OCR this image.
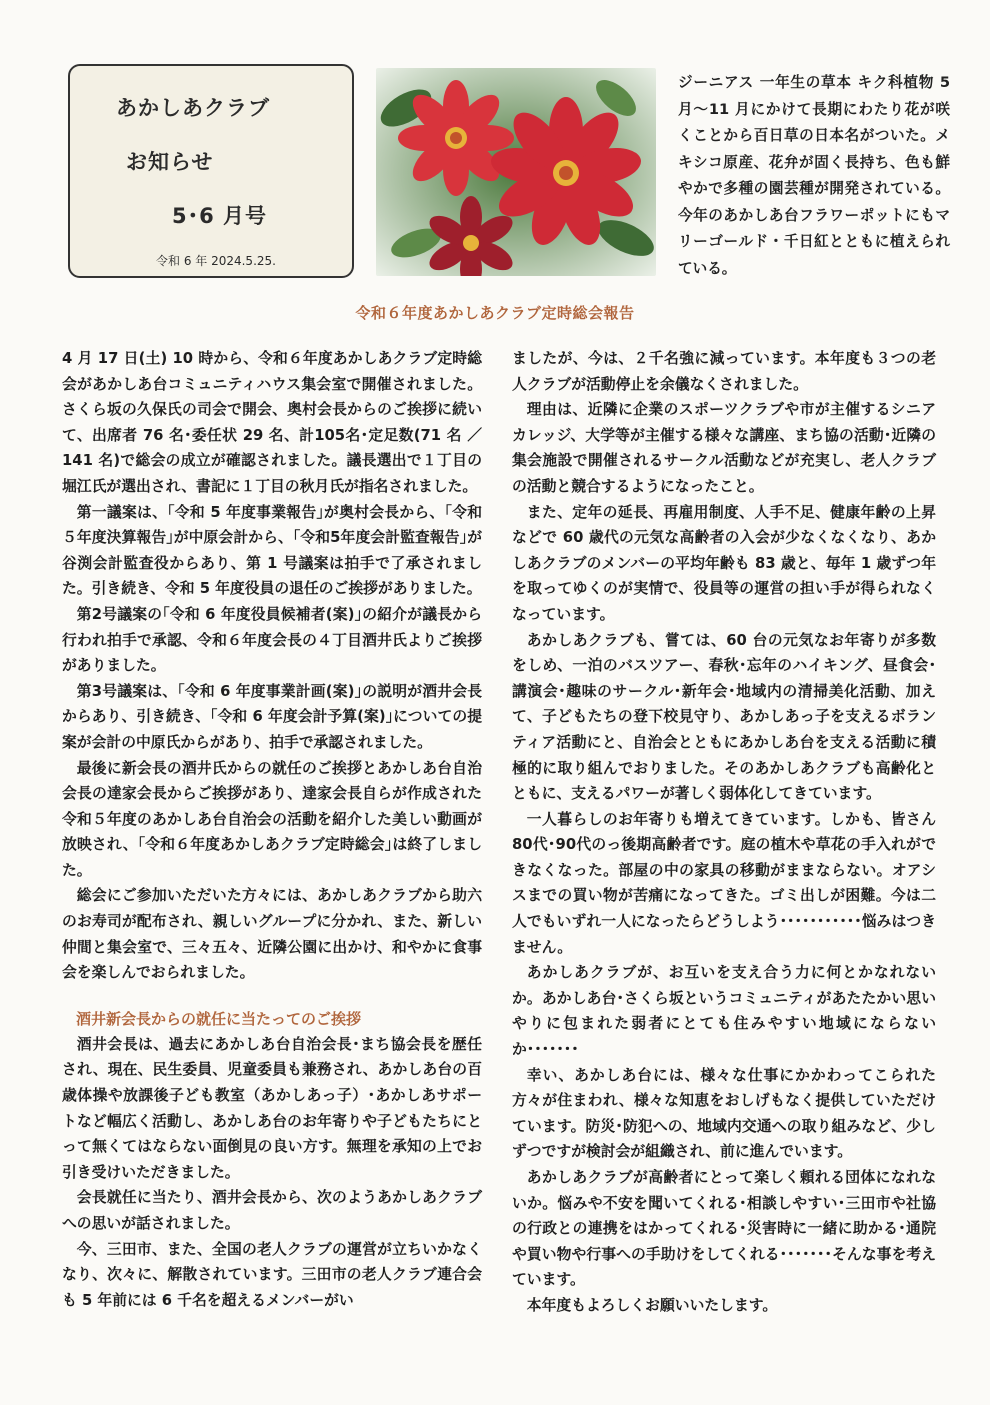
あかしあクラブ
お知らせ
5･6 月号
令和 6 年 2024.5.25.
ジーニアス 一年生の草本 キク科植物 5 月～11 月にかけて長期にわたり花が咲くことから百日草の日本名がついた。メキシコ原産、花弁が固く長持ち、色も鮮やかで多種の園芸種が開発されている。今年のあかしあ台フラワーポットにもマリーゴールド・千日紅とともに植えられている。
令和６年度あかしあクラブ定時総会報告

4 月 17 日(土) 10 時から、令和６年度あかしあクラブ定時総会があかしあ台コミュニティハウス集会室で開催されました。さくら坂の久保氏の司会で開会、奥村会長からのご挨拶に続いて、出席者 76 名･委任状 29 名、計105名･定足数(71 名 ／141 名)で総会の成立が確認されました。議長選出で１丁目の堀江氏が選出され、書記に１丁目の秋月氏が指名されました。

第一議案は、｢令和 5 年度事業報告｣が奥村会長から、｢令和５年度決算報告｣が中原会計から、｢令和5年度会計監査報告｣が谷渕会計監査役からあり、第 1 号議案は拍手で了承されました。引き続き、令和 5 年度役員の退任のご挨拶がありました。

第2号議案の｢令和 6 年度役員候補者(案)｣の紹介が議長から行われ拍手で承認、令和６年度会長の４丁目酒井氏よりご挨拶がありました。

第3号議案は、｢令和 6 年度事業計画(案)｣の説明が酒井会長からあり、引き続き、｢令和 6 年度会計予算(案)｣についての提案が会計の中原氏からがあり、拍手で承認されました。

最後に新会長の酒井氏からの就任のご挨拶とあかしあ台自治会長の達家会長からご挨拶があり、達家会長自らが作成された令和５年度のあかしあ台自治会の活動を紹介した美しい動画が放映され、｢令和６年度あかしあクラブ定時総会｣は終了しました。

総会にご参加いただいた方々には、あかしあクラブから助六のお寿司が配布され、親しいグループに分かれ、また、新しい仲間と集会室で、三々五々、近隣公園に出かけ、和やかに食事会を楽しんでおられました。

酒井新会長からの就任に当たってのご挨拶

酒井会長は、過去にあかしあ台自治会長･まち協会長を歴任され、現在、民生委員、児童委員も兼務され、あかしあ台の百歳体操や放課後子ども教室（あかしあっ子）･あかしあサポートなど幅広く活動し、あかしあ台のお年寄りや子どもたちにとって無くてはならない面倒見の良い方す。無理を承知の上でお引き受けいただきました。

会長就任に当たり、酒井会長から、次のようあかしあクラブへの思いが話されました。

今、三田市、また、全国の老人クラブの運営が立ちいかなくなり、次々に、解散されています。三田市の老人クラブ連合会も 5 年前には 6 千名を超えるメンバーがい

ましたが、今は、２千名強に減っています。本年度も３つの老人クラブが活動停止を余儀なくされました。

理由は、近隣に企業のスポーツクラブや市が主催するシニアカレッジ、大学等が主催する様々な講座、まち協の活動･近隣の集会施設で開催されるサークル活動などが充実し、老人クラブの活動と競合するようになったこと。

また、定年の延長、再雇用制度、人手不足、健康年齢の上昇などで 60 歳代の元気な高齢者の入会が少なくなくなり、あかしあクラブのメンバーの平均年齢も 83 歳と、毎年 1 歳ずつ年を取ってゆくのが実情で、役員等の運営の担い手が得られなくなっています。

あかしあクラブも、嘗ては、60 台の元気なお年寄りが多数をしめ、一泊のバスツアー、春秋･忘年のハイキング、昼食会･講演会･趣味のサークル･新年会･地域内の清掃美化活動、加えて、子どもたちの登下校見守り、あかしあっ子を支えるボランティア活動にと、自治会とともにあかしあ台を支える活動に積極的に取り組んでおりました。そのあかしあクラブも高齢化とともに、支えるパワーが著しく弱体化してきています。

一人暮らしのお年寄りも増えてきています。しかも、皆さん80代･90代のっ後期高齢者です。庭の植木や草花の手入れができなくなった。部屋の中の家具の移動がままならない。オアシスまでの買い物が苦痛になってきた。ゴミ出しが困難。今は二人でもいずれ一人になったらどうしよう･･･････････悩みはつきません。

あかしあクラブが、お互いを支え合う力に何とかなれないか。あかしあ台･さくら坂というコミュニティがあたたかい思いやりに包まれた弱者にとても住みやすい地域にならないか･･･････

幸い、あかしあ台には、様々な仕事にかかわってこられた方々が住まわれ、様々な知恵をおしげもなく提供していただけています。防災･防犯への、地域内交通への取り組みなど、少しずつですが検討会が組織され、前に進んでいます。

あかしあクラブが高齢者にとって楽しく頼れる団体になれないか。悩みや不安を聞いてくれる･相談しやすい･三田市や社協の行政との連携をはかってくれる･災害時に一緒に助かる･通院や買い物や行事への手助けをしてくれる･･･････そんな事を考えています。

本年度もよろしくお願いいたします。
